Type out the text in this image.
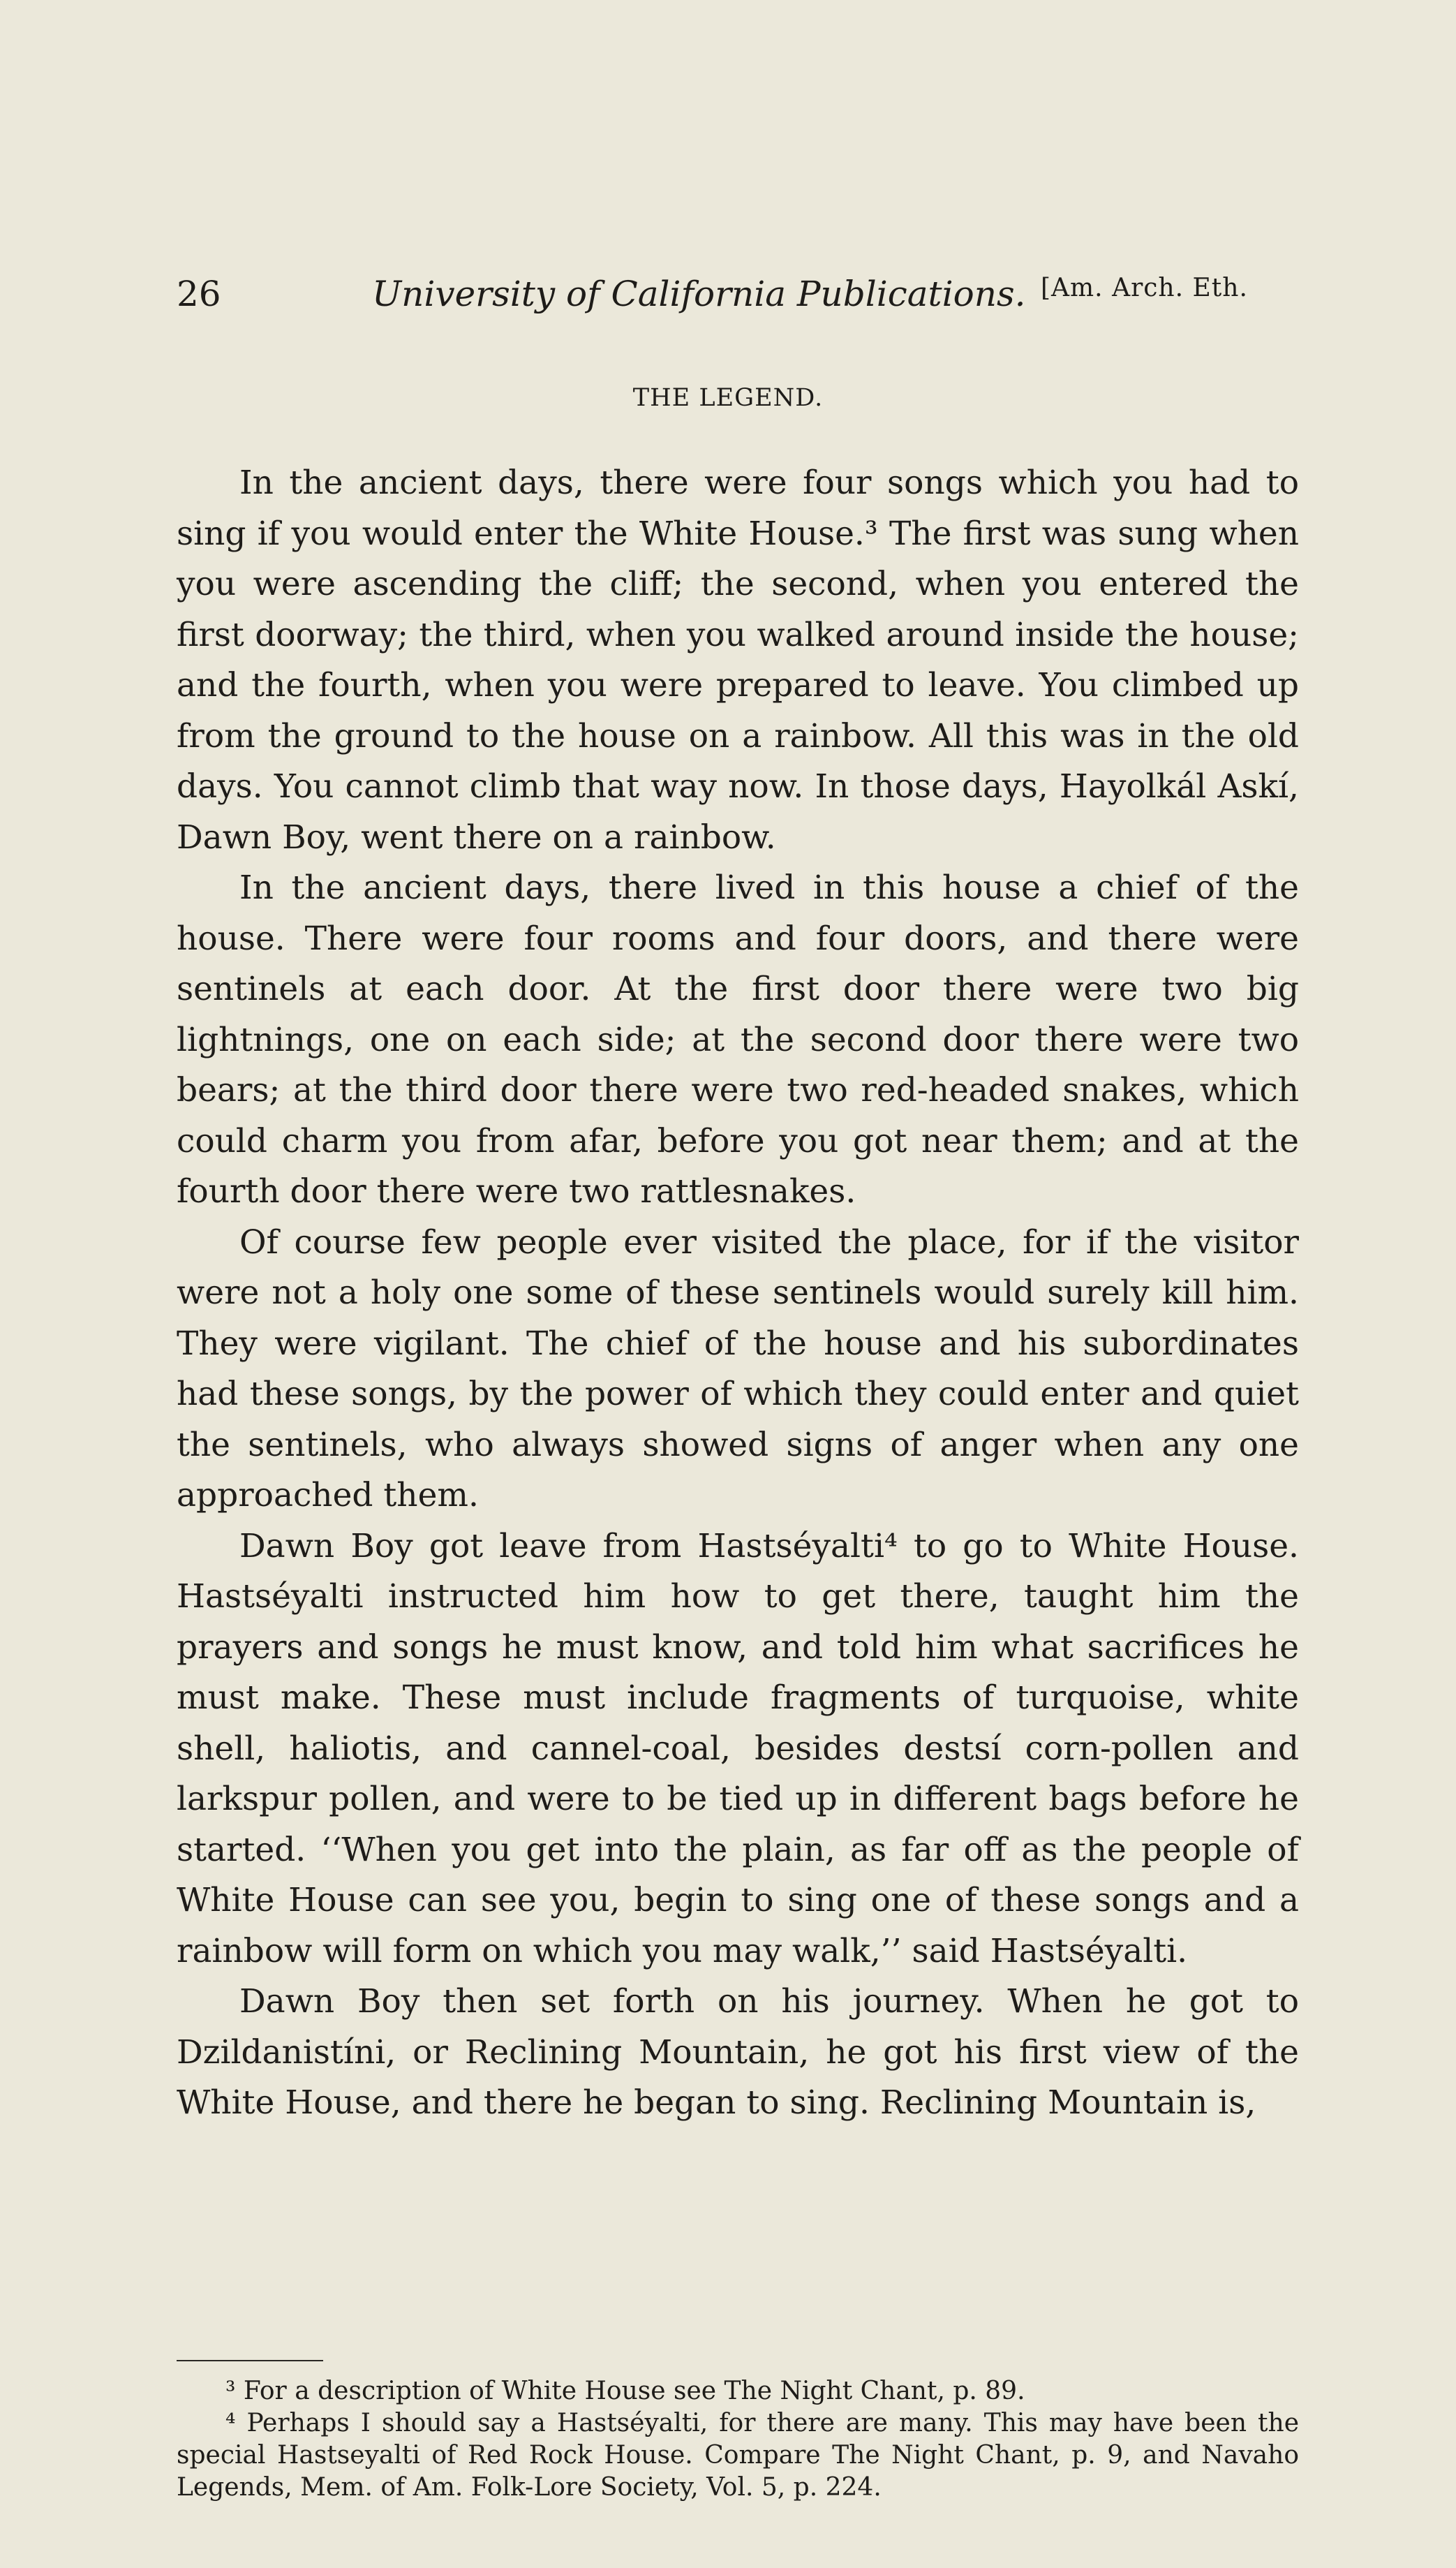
26	University of California Publications. [Am. Arch. Eth.
THE LEGEND.

In the ancient days, there were four songs which you had to sing if you would enter the White House.³ The first was sung when you were ascending the cliff; the second, when you entered the first doorway; the third, when you walked around inside the house; and the fourth, when you were prepared to leave. You climbed up from the ground to the house on a rainbow. All this was in the old days. You cannot climb that way now. In those days, Hayolkál Askí, Dawn Boy, went there on a rainbow.

In the ancient days, there lived in this house a chief of the house. There were four rooms and four doors, and there were sentinels at each door. At the first door there were two big lightnings, one on each side; at the second door there were two bears; at the third door there were two red-headed snakes, which could charm you from afar, before you got near them; and at the fourth door there were two rattlesnakes.

Of course few people ever visited the place, for if the visitor were not a holy one some of these sentinels would surely kill him. They were vigilant. The chief of the house and his subordinates had these songs, by the power of which they could enter and quiet the sentinels, who always showed signs of anger when any one approached them.

Dawn Boy got leave from Hastséyalti⁴ to go to White House. Hastséyalti instructed him how to get there, taught him the prayers and songs he must know, and told him what sacrifices he must make. These must include fragments of turquoise, white shell, haliotis, and cannel-coal, besides destsí corn-pollen and larkspur pollen, and were to be tied up in different bags before he started. ‘‘When you get into the plain, as far off as the people of White House can see you, begin to sing one of these songs and a rainbow will form on which you may walk,’’ said Hastséyalti.

Dawn Boy then set forth on his journey. When he got to Dzildanistíni, or Reclining Mountain, he got his first view of the White House, and there he began to sing. Reclining Mountain is,

³ For a description of White House see The Night Chant, p. 89.

⁴ Perhaps I should say a Hastséyalti, for there are many. This may have been the special Hastseyalti of Red Rock House. Compare The Night Chant, p. 9, and Navaho Legends, Mem. of Am. Folk-Lore Society, Vol. 5, p. 224.
